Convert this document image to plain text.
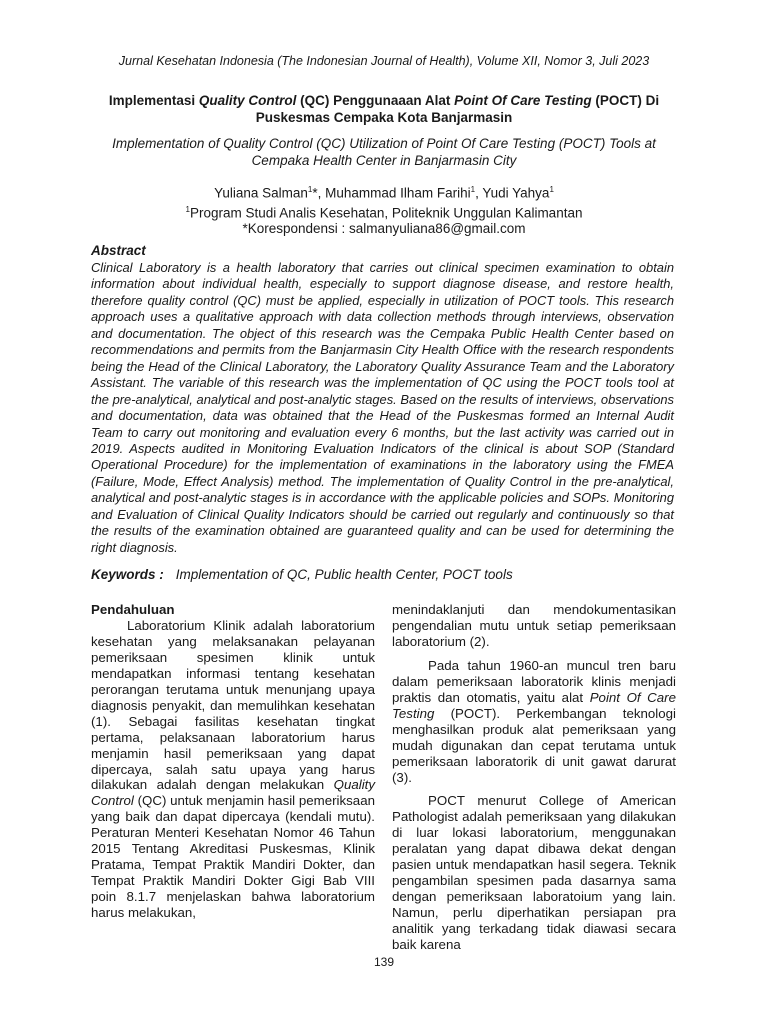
Jurnal Kesehatan Indonesia (The Indonesian Journal of Health), Volume XII, Nomor 3, Juli 2023
Implementasi Quality Control (QC) Penggunaaan Alat Point Of Care Testing (POCT) Di
Puskesmas Cempaka Kota Banjarmasin
Implementation of Quality Control (QC) Utilization of Point Of Care Testing (POCT) Tools at
Cempaka Health Center in Banjarmasin City
Yuliana Salman$^1$*, Muhammad Ilham Farihi$^1$, Yudi Yahya$^1$
$^1$Program Studi Analis Kesehatan, Politeknik Unggulan Kalimantan
*Korespondensi : salmanyuliana86@gmail.com
Abstract

Clinical Laboratory is a health laboratory that carries out clinical specimen examination to obtain information about individual health, especially to support diagnose disease, and restore health, therefore quality control (QC) must be applied, especially in utilization of POCT tools. This research approach uses a qualitative approach with data collection methods through interviews, observation and documentation. The object of this research was the Cempaka Public Health Center based on recommendations and permits from the Banjarmasin City Health Office with the research respondents being the Head of the Clinical Laboratory, the Laboratory Quality Assurance Team and the Laboratory Assistant. The variable of this research was the implementation of QC using the POCT tools tool at the pre-analytical, analytical and post-analytic stages. Based on the results of interviews, observations and documentation, data was obtained that the Head of the Puskesmas formed an Internal Audit Team to carry out monitoring and evaluation every 6 months, but the last activity was carried out in 2019. Aspects audited in Monitoring Evaluation Indicators of the clinical is about SOP (Standard Operational Procedure) for the implementation of examinations in the laboratory using the FMEA (Failure, Mode, Effect Analysis) method. The implementation of Quality Control in the pre-analytical, analytical and post-analytic stages is in accordance with the applicable policies and SOPs. Monitoring and Evaluation of Clinical Quality Indicators should be carried out regularly and continuously so that the results of the examination obtained are guaranteed quality and can be used for determining the right diagnosis.

Keywords : Implementation of QC, Public health Center, POCT tools
Pendahuluan

Laboratorium Klinik adalah laboratorium kesehatan yang melaksanakan pelayanan pemeriksaan spesimen klinik untuk mendapatkan informasi tentang kesehatan perorangan terutama untuk menunjang upaya diagnosis penyakit, dan memulihkan kesehatan (1). Sebagai fasilitas kesehatan tingkat pertama, pelaksanaan laboratorium harus menjamin hasil pemeriksaan yang dapat dipercaya, salah satu upaya yang harus dilakukan adalah dengan melakukan Quality Control (QC) untuk menjamin hasil pemeriksaan yang baik dan dapat dipercaya (kendali mutu). Peraturan Menteri Kesehatan Nomor 46 Tahun 2015 Tentang Akreditasi Puskesmas, Klinik Pratama, Tempat Praktik Mandiri Dokter, dan Tempat Praktik Mandiri Dokter Gigi Bab VIII poin 8.1.7 menjelaskan bahwa laboratorium harus melakukan,

menindaklanjuti dan mendokumentasikan pengendalian mutu untuk setiap pemeriksaan laboratorium (2).

Pada tahun 1960-an muncul tren baru dalam pemeriksaan laboratorik klinis menjadi praktis dan otomatis, yaitu alat Point Of Care Testing (POCT). Perkembangan teknologi menghasilkan produk alat pemeriksaan yang mudah digunakan dan cepat terutama untuk pemeriksaan laboratorik di unit gawat darurat (3).

POCT menurut College of American Pathologist adalah pemeriksaan yang dilakukan di luar lokasi laboratorium, menggunakan peralatan yang dapat dibawa dekat dengan pasien untuk mendapatkan hasil segera. Teknik pengambilan spesimen pada dasarnya sama dengan pemeriksaan laboratoium yang lain. Namun, perlu diperhatikan persiapan pra analitik yang terkadang tidak diawasi secara baik karena

139
